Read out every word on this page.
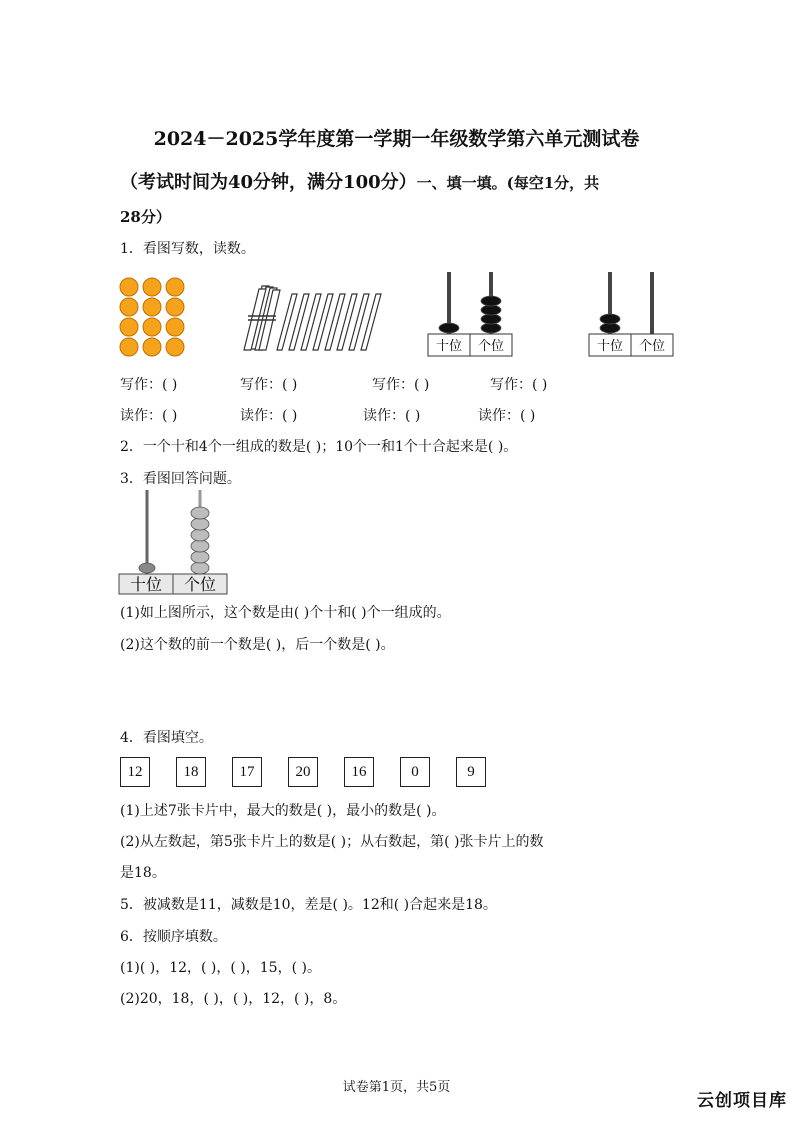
2024－2025学年度第一学期一年级数学第六单元测试卷
（考试时间为40分钟，满分100分）一、填一填。(每空1分，共
28分）
1．看图写数，读数。
十位 个位	十位 个位
写作：( )	写作：( )	写作：( )	写作：( )
读作：( )	读作：( )	读作：( )	读作：( )
2．一个十和4个一组成的数是( )；10个一和1个十合起来是( )。
3．看图回答问题。
十位 个位
(1)如上图所示，这个数是由( )个十和( )个一组成的。
(2)这个数的前一个数是( )，后一个数是( )。
4．看图填空。
12	18	17	20	16	0	9
(1)上述7张卡片中，最大的数是( )，最小的数是( )。
(2)从左数起，第5张卡片上的数是( )；从右数起，第( )张卡片上的数
是18。
5．被减数是11，减数是10，差是( )。12和( )合起来是18。
6．按顺序填数。
(1)( )，12，( )，( )，15，( )。
(2)20，18，( )，( )，12，( )，8。
试卷第1页，共5页
云创项目库
